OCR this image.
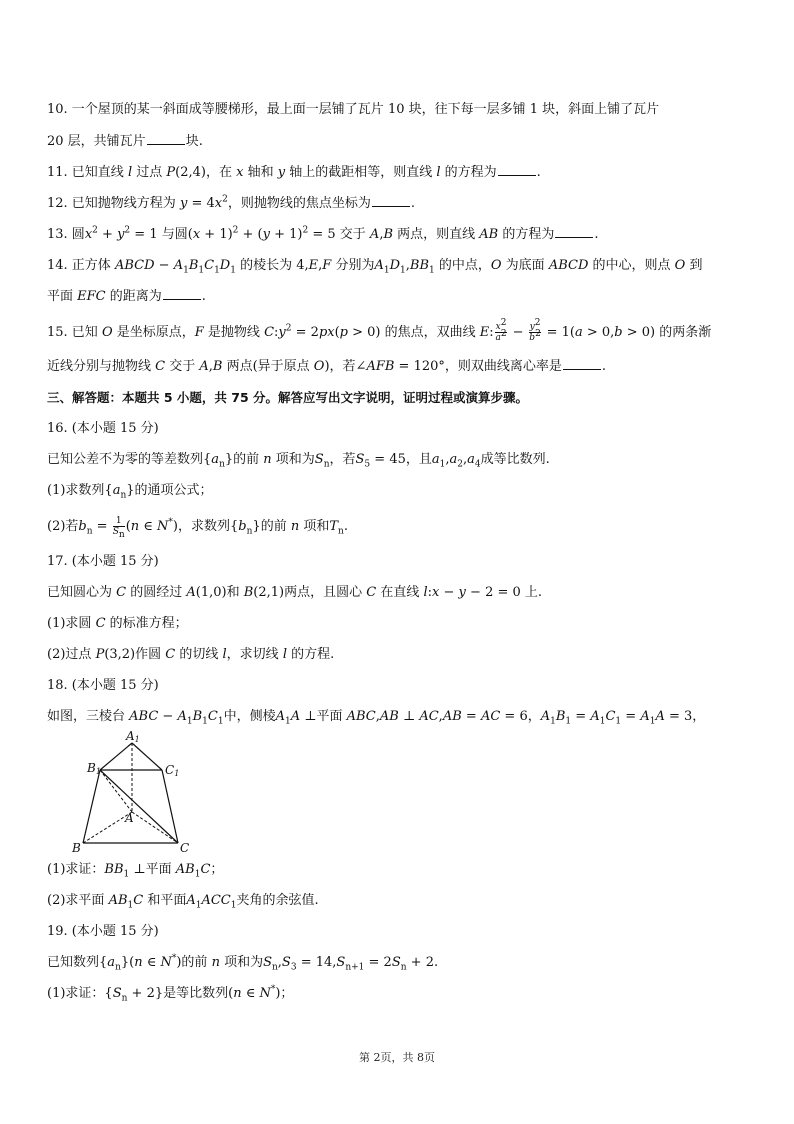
10. 一个屋顶的某一斜面成等腰梯形，最上面一层铺了瓦片 10 块，往下每一层多铺 1 块，斜面上铺了瓦片
20 层，共铺瓦片	块.
11. 已知直线 l 过点 P(2,4)，在 x 轴和 y 轴上的截距相等，则直线 l 的方程为	.
12. 已知抛物线方程为 $y = 4x^2$，则抛物线的焦点坐标为	.
13. 圆$x^2 + y^2 = 1$ 与圆$(x + 1)^2 + (y + 1)^2 = 5$ 交于 A,B 两点，则直线 AB 的方程为	.
14. 正方体 ABCD − $A_1B_1C_1D_1$ 的棱长为 4,E,F 分别为$A_1D_1,BB_1$ 的中点，O 为底面 ABCD 的中心，则点 O 到
平面 EFC 的距离为	.
15. 已知 O 是坐标原点，F 是抛物线 $C:y^2 = 2px(p > 0)$ 的焦点，双曲线 E: $\frac{x^2}{a^2} - \frac{y^2}{b^2} = 1(a > 0,b > 0)$ 的两条渐
近线分别与抛物线 C 交于 A,B 两点(异于原点 O)，若∠AFB = 120°，则双曲线离心率是	.
三、解答题：本题共 5 小题，共 75 分。解答应写出文字说明，证明过程或演算步骤。
16. (本小题 15 分)
已知公差不为零的等差数列$\{a_n\}$的前 n 项和为$S_n$，若$S_5 = 45$，且$a_1,a_2,a_4$成等比数列.
(1)求数列$\{a_n\}$的通项公式；
(2)若$b_n = \frac{1}{S_n} (n$ ∈ N*)，求数列$\{b_n\}$的前 n 项和$T_n$.
17. (本小题 15 分)
已知圆心为 C 的圆经过 A(1,0)和 B(2,1)两点，且圆心 C 在直线 l:x − y − 2 = 0 上.
(1)求圆 C 的标准方程；
(2)过点 P(3,2)作圆 C 的切线 l，求切线 l 的方程.
18. (本小题 15 分)
如图，三棱台 ABC − $A_1B_1C_1$中，侧棱$A_1A$ ⊥平面 ABC,AB ⊥ AC,AB = AC = 6，$A_1B_1 = A_1C_1 = A_1A = 3$，
A1
B1	C1
A
B	C
(1)求证：$BB_1$ ⊥平面 $AB_1C$；
(2)求平面 $AB_1C$ 和平面$A_1ACC_1$夹角的余弦值.
19. (本小题 15 分)
已知数列$\{a_n\}(n$ ∈ N*)的前 n 项和为$S_n,S_3 = 14,S_{n+1} = 2S_n + 2$.
(1)求证：$\{S_n + 2\}$是等比数列(n ∈ N*)；
第 2页，共 8页
